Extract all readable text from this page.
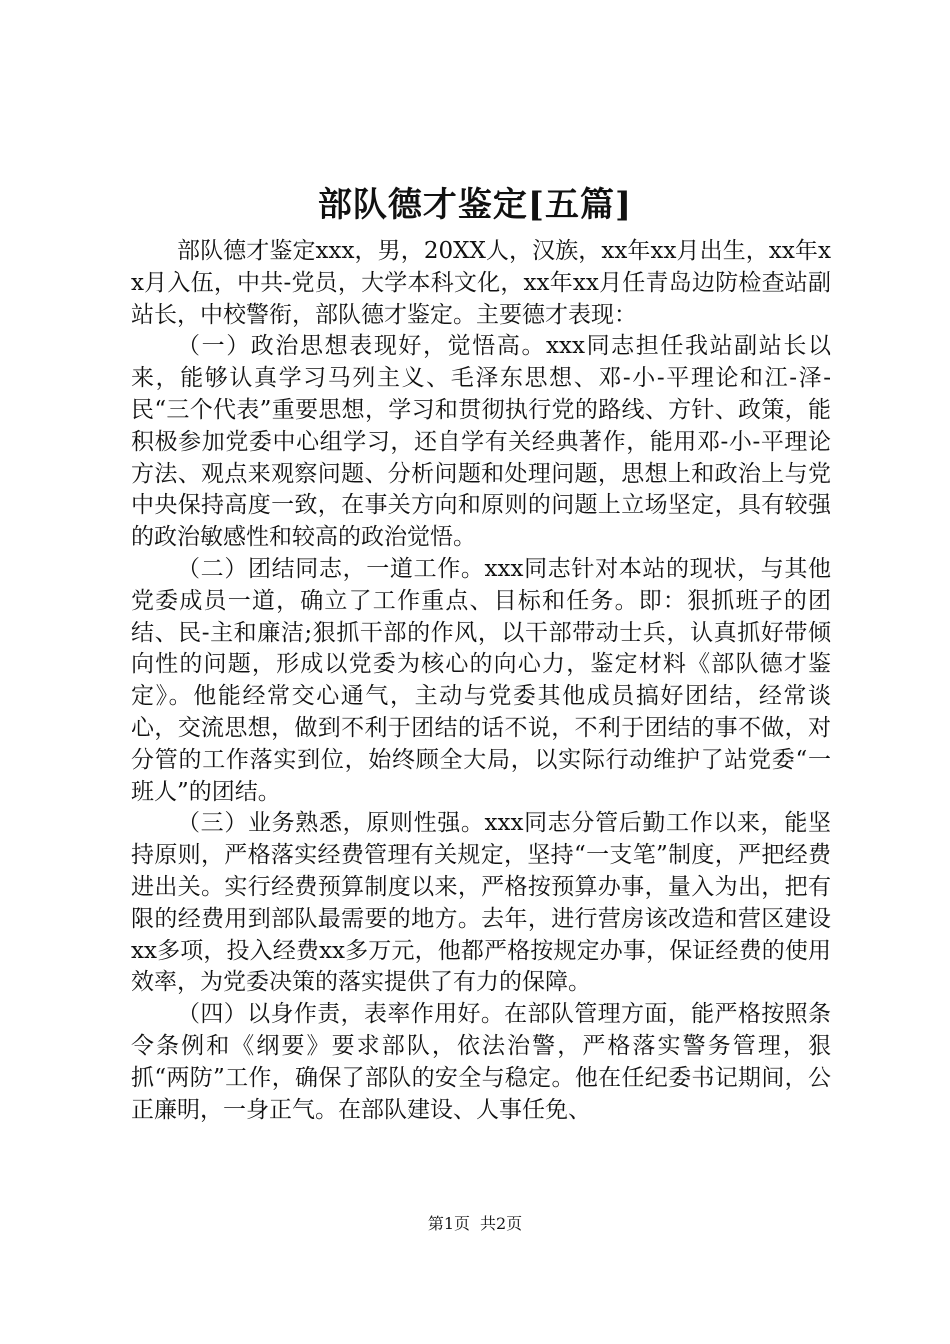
部队德才鉴定[五篇]

部队德才鉴定xxx，男，20XX人，汉族，xx年xx月出生，xx年xx月入伍，中共-党员，大学本科文化，xx年xx月任青岛边防检查站副站长，中校警衔，部队德才鉴定。主要德才表现：

（一）政治思想表现好，觉悟高。xxx同志担任我站副站长以来，能够认真学习马列主义、毛泽东思想、邓-小-平理论和江-泽-民“三个代表”重要思想，学习和贯彻执行党的路线、方针、政策，能积极参加党委中心组学习，还自学有关经典著作，能用邓-小-平理论方法、观点来观察问题、分析问题和处理问题，思想上和政治上与党中央保持高度一致，在事关方向和原则的问题上立场坚定，具有较强的政治敏感性和较高的政治觉悟。

（二）团结同志，一道工作。xxx同志针对本站的现状，与其他党委成员一道，确立了工作重点、目标和任务。即：狠抓班子的团结、民-主和廉洁;狠抓干部的作风，以干部带动士兵，认真抓好带倾向性的问题，形成以党委为核心的向心力，鉴定材料《部队德才鉴定》。他能经常交心通气，主动与党委其他成员搞好团结，经常谈心，交流思想，做到不利于团结的话不说，不利于团结的事不做，对分管的工作落实到位，始终顾全大局，以实际行动维护了站党委“一班人”的团结。

（三）业务熟悉，原则性强。xxx同志分管后勤工作以来，能坚持原则，严格落实经费管理有关规定，坚持“一支笔”制度，严把经费进出关。实行经费预算制度以来，严格按预算办事，量入为出，把有限的经费用到部队最需要的地方。去年，进行营房该改造和营区建设xx多项，投入经费xx多万元，他都严格按规定办事，保证经费的使用效率，为党委决策的落实提供了有力的保障。

（四）以身作责，表率作用好。在部队管理方面，能严格按照条令条例和《纲要》要求部队，依法治警，严格落实警务管理，狠抓“两防”工作，确保了部队的安全与稳定。他在任纪委书记期间，公正廉明，一身正气。在部队建设、人事任免、

第1页 共2页
